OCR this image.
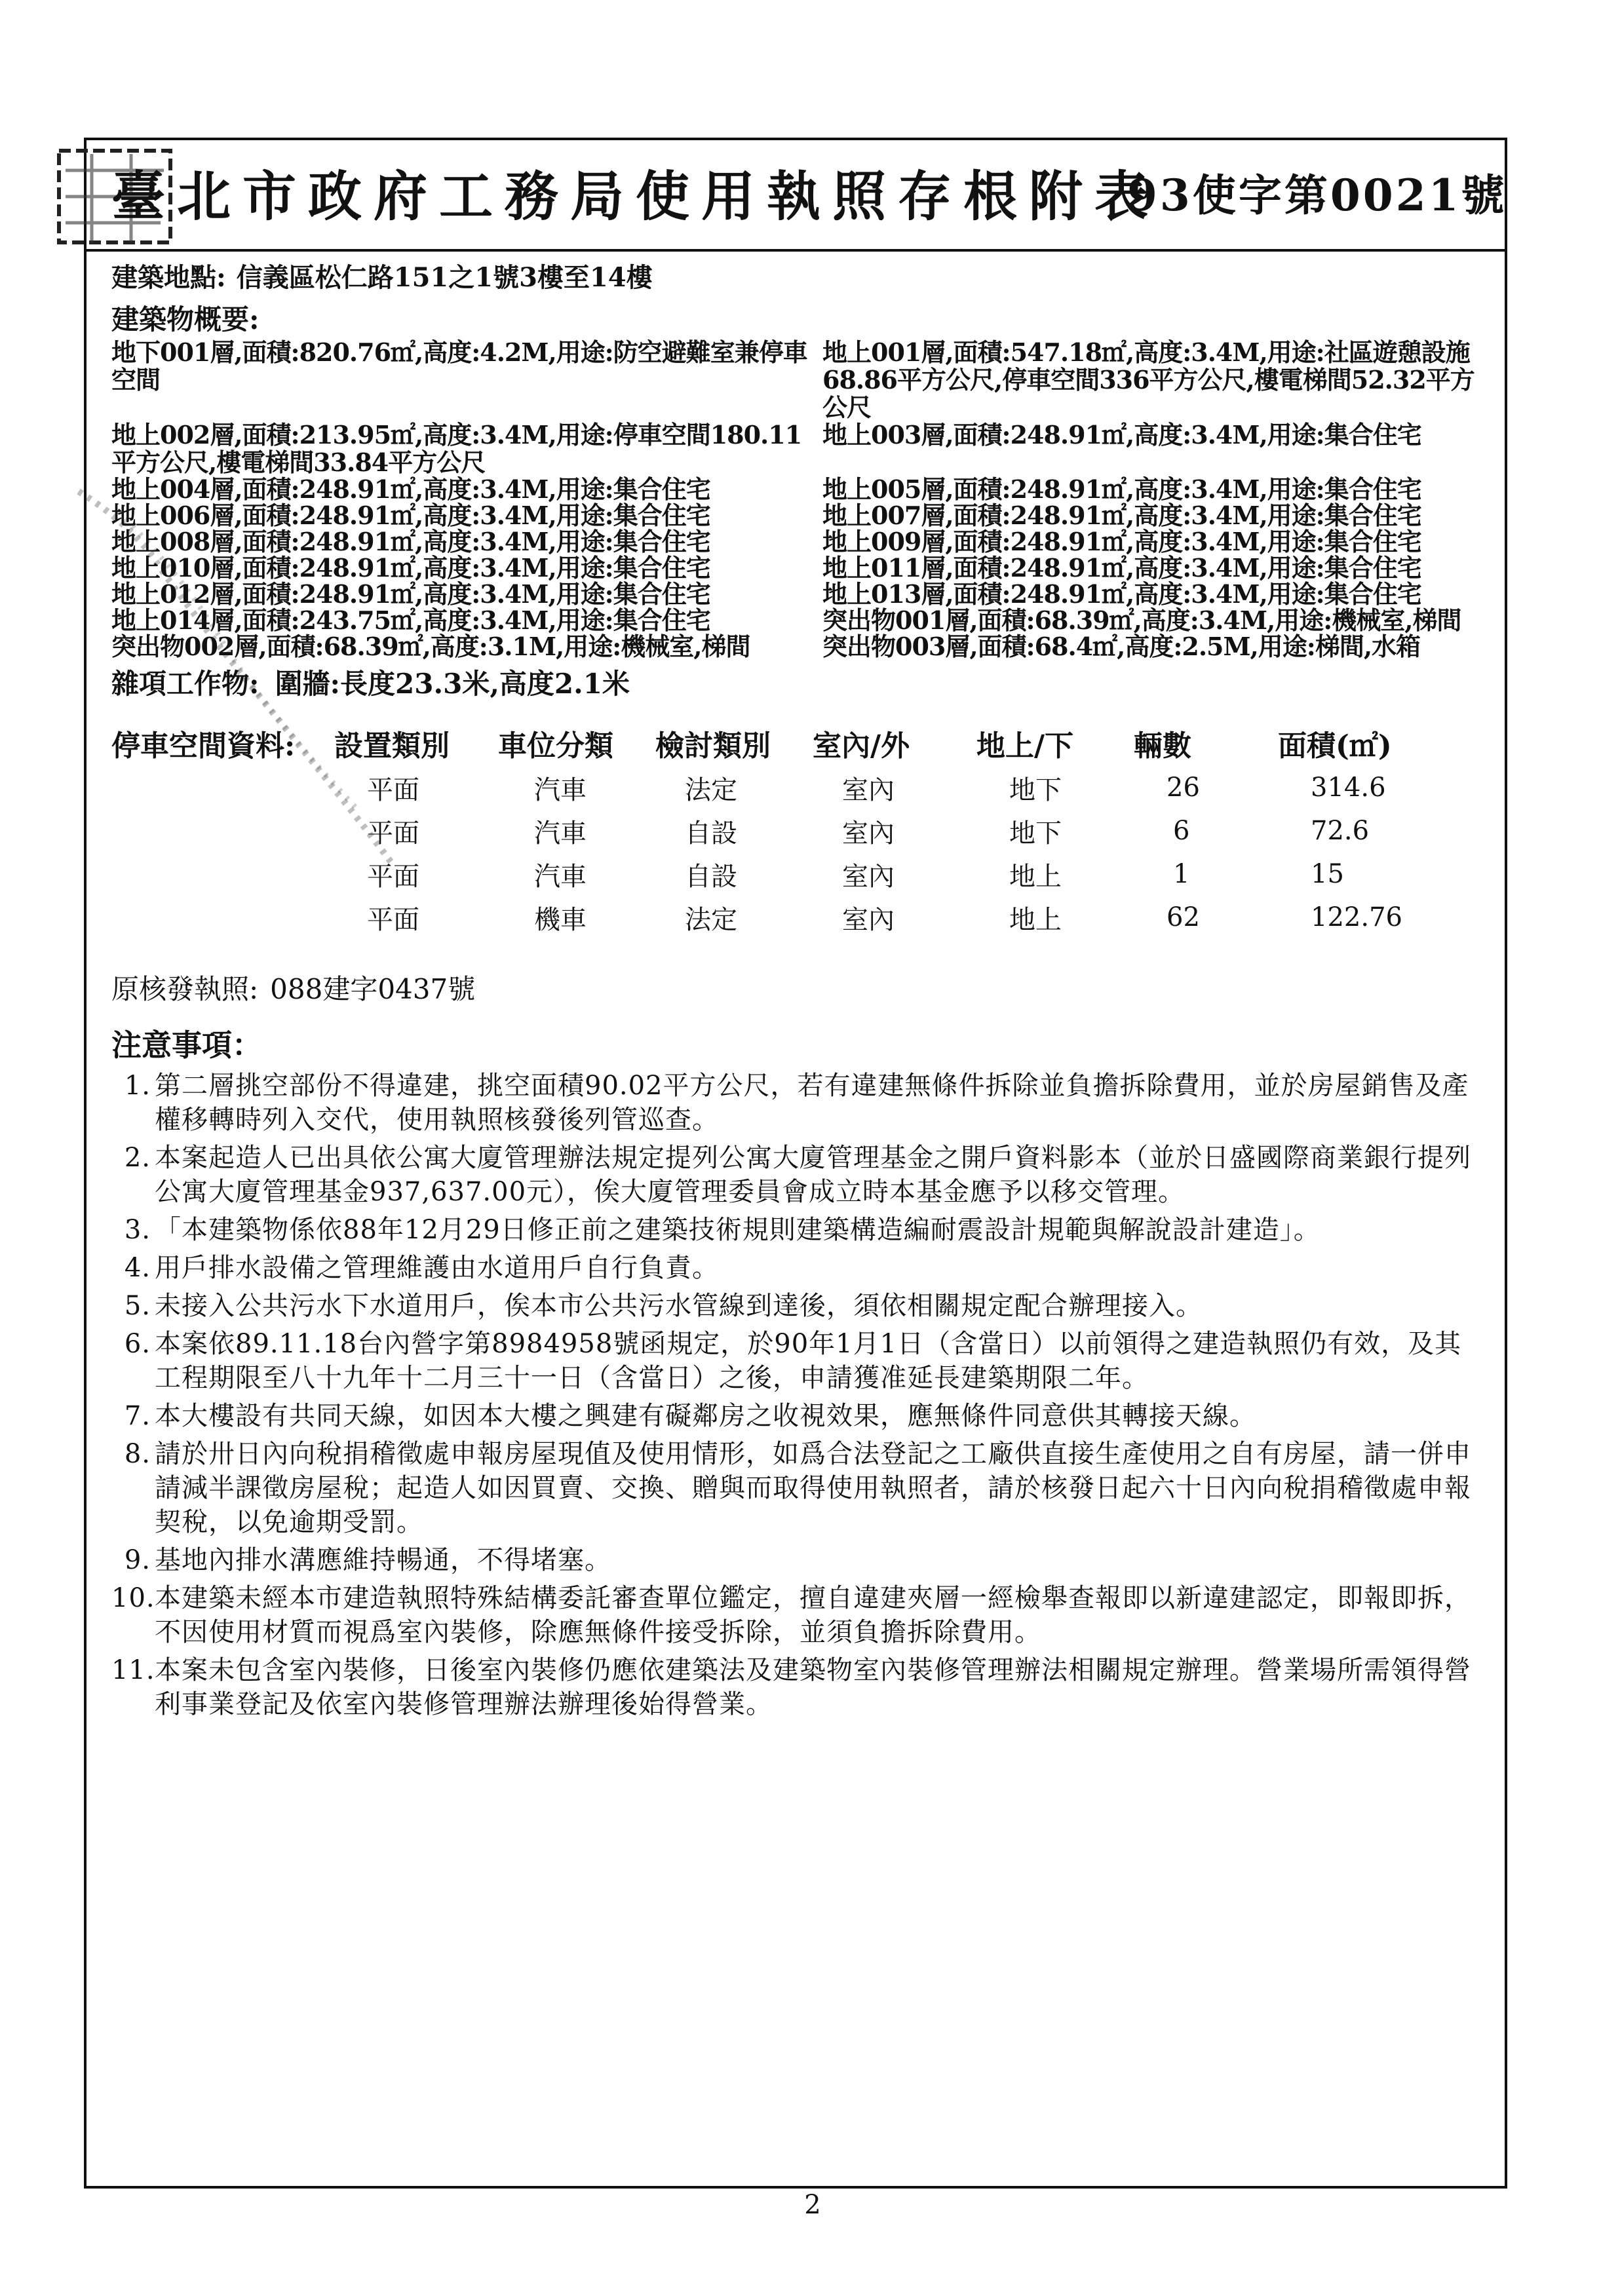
臺北市政府工務局使用執照存根附表
93使字第0021號
建築地點: 信義區松仁路151之1號3樓至14樓
建築物概要:
地下001層,面積:820.76㎡,高度:4.2M,用途:防空避難室兼停車空間
地上001層,面積:547.18㎡,高度:3.4M,用途:社區遊憩設施68.86平方公尺,停車空間336平方公尺,樓電梯間52.32平方公尺
地上002層,面積:213.95㎡,高度:3.4M,用途:停車空間180.11平方公尺,樓電梯間33.84平方公尺
地上003層,面積:248.91㎡,高度:3.4M,用途:集合住宅
地上004層,面積:248.91㎡,高度:3.4M,用途:集合住宅	地上005層,面積:248.91㎡,高度:3.4M,用途:集合住宅
地上006層,面積:248.91㎡,高度:3.4M,用途:集合住宅	地上007層,面積:248.91㎡,高度:3.4M,用途:集合住宅
地上008層,面積:248.91㎡,高度:3.4M,用途:集合住宅	地上009層,面積:248.91㎡,高度:3.4M,用途:集合住宅
地上010層,面積:248.91㎡,高度:3.4M,用途:集合住宅	地上011層,面積:248.91㎡,高度:3.4M,用途:集合住宅
地上012層,面積:248.91㎡,高度:3.4M,用途:集合住宅	地上013層,面積:248.91㎡,高度:3.4M,用途:集合住宅
地上014層,面積:243.75㎡,高度:3.4M,用途:集合住宅	突出物001層,面積:68.39㎡,高度:3.4M,用途:機械室,梯間
突出物002層,面積:68.39㎡,高度:3.1M,用途:機械室,梯間	突出物003層,面積:68.4㎡,高度:2.5M,用途:梯間,水箱
雜項工作物: 圍牆:長度23.3米,高度2.1米
停車空間資料:	設置類別	車位分類	檢討類別	室內/外	地上/下	輛數	面積(㎡)
平面	汽車	法定	室內	地下	26	314.6
平面	汽車	自設	室內	地下	6	72.6
平面	汽車	自設	室內	地上	1	15
平面	機車	法定	室內	地上	62	122.76
原核發執照: 088建字0437號
注意事項：
1. 第二層挑空部份不得違建，挑空面積90.02平方公尺，若有違建無條件拆除並負擔拆除費用，並於房屋銷售及產權移轉時列入交代，使用執照核發後列管巡查。
2. 本案起造人已出具依公寓大廈管理辦法規定提列公寓大廈管理基金之開戶資料影本（並於日盛國際商業銀行提列公寓大廈管理基金937,637.00元），俟大廈管理委員會成立時本基金應予以移交管理。
3. 「本建築物係依88年12月29日修正前之建築技術規則建築構造編耐震設計規範與解說設計建造」。
4. 用戶排水設備之管理維護由水道用戶自行負責。
5. 未接入公共污水下水道用戶，俟本市公共污水管線到達後，須依相關規定配合辦理接入。
6. 本案依89.11.18台內營字第8984958號函規定，於90年1月1日（含當日）以前領得之建造執照仍有效，及其工程期限至八十九年十二月三十一日（含當日）之後，申請獲准延長建築期限二年。
7. 本大樓設有共同天線，如因本大樓之興建有礙鄰房之收視效果，應無條件同意供其轉接天線。
8. 請於卅日內向稅捐稽徵處申報房屋現值及使用情形，如爲合法登記之工廠供直接生產使用之自有房屋，請一併申請減半課徵房屋稅；起造人如因買賣、交換、贈與而取得使用執照者，請於核發日起六十日內向稅捐稽徵處申報契稅，以免逾期受罰。
9. 基地內排水溝應維持暢通，不得堵塞。
10. 本建築未經本市建造執照特殊結構委託審查單位鑑定，擅自違建夾層一經檢舉查報即以新違建認定，即報即拆，不因使用材質而視爲室內裝修，除應無條件接受拆除，並須負擔拆除費用。
11. 本案未包含室內裝修，日後室內裝修仍應依建築法及建築物室內裝修管理辦法相關規定辦理。營業場所需領得營利事業登記及依室內裝修管理辦法辦理後始得營業。
2
